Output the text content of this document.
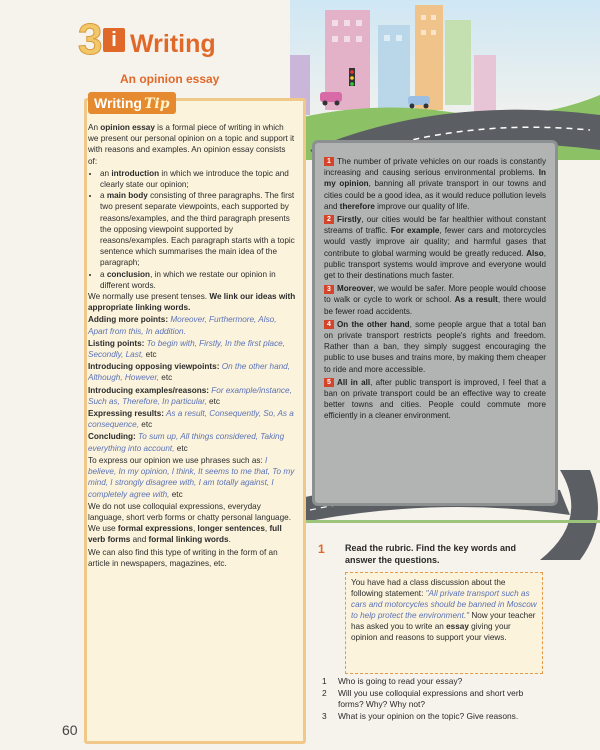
3 i Writing
An opinion essay
Writing Tip

An opinion essay is a formal piece of writing in which we present our personal opinion on a topic and support it with reasons and examples. An opinion essay consists of:

• an introduction in which we introduce the topic and clearly state our opinion;
• a main body consisting of three paragraphs. The first two present separate viewpoints, each supported by reasons/examples, and the third paragraph presents the opposing viewpoint supported by reasons/examples. Each paragraph starts with a topic sentence which summarises the main idea of the paragraph;
• a conclusion, in which we restate our opinion in different words.

We normally use present tenses. We link our ideas with appropriate linking words.

Adding more points: Moreover, Furthermore, Also, Apart from this, In addition.

Listing points: To begin with, Firstly, In the first place, Secondly, Last, etc

Introducing opposing viewpoints: On the other hand, Although, However, etc

Introducing examples/reasons: For example/instance, Such as, Therefore, In particular, etc

Expressing results: As a result, Consequently, So, As a consequence, etc

Concluding: To sum up, All things considered, Taking everything into account, etc

To express our opinion we use phrases such as: I believe, In my opinion, I think, It seems to me that, To my mind, I strongly disagree with, I am totally against, I completely agree with, etc

We do not use colloquial expressions, everyday language, short verb forms or chatty personal language. We use formal expressions, longer sentences, full verb forms and formal linking words.

We can also find this type of writing in the form of an article in newspapers, magazines, etc.

1 The number of private vehicles on our roads is constantly increasing and causing serious environmental problems. In my opinion, banning all private transport in our towns and cities could be a good idea, as it would reduce pollution levels and therefore improve our quality of life.

2 Firstly, our cities would be far healthier without constant streams of traffic. For example, fewer cars and motorcycles would vastly improve air quality; and harmful gases that contribute to global warming would be greatly reduced. Also, public transport systems would improve and everyone would get to their destinations much faster.

3 Moreover, we would be safer. More people would choose to walk or cycle to work or school. As a result, there would be fewer road accidents.

4 On the other hand, some people argue that a total ban on private transport restricts people's rights and freedom. Rather than a ban, they simply suggest encouraging the public to use buses and trains more, by making them cheaper to ride and more accessible.

5 All in all, after public transport is improved, I feel that a ban on private transport could be an effective way to create better towns and cities. People could commute more efficiently in a cleaner environment.

1 Read the rubric. Find the key words and answer the questions.
You have had a class discussion about the following statement: "All private transport such as cars and motorcycles should be banned in Moscow to help protect the environment." Now your teacher has asked you to write an essay giving your opinion and reasons to support your views.
1 Who is going to read your essay?
2 Will you use colloquial expressions and short verb forms? Why? Why not?
3 What is your opinion on the topic? Give reasons.
60
